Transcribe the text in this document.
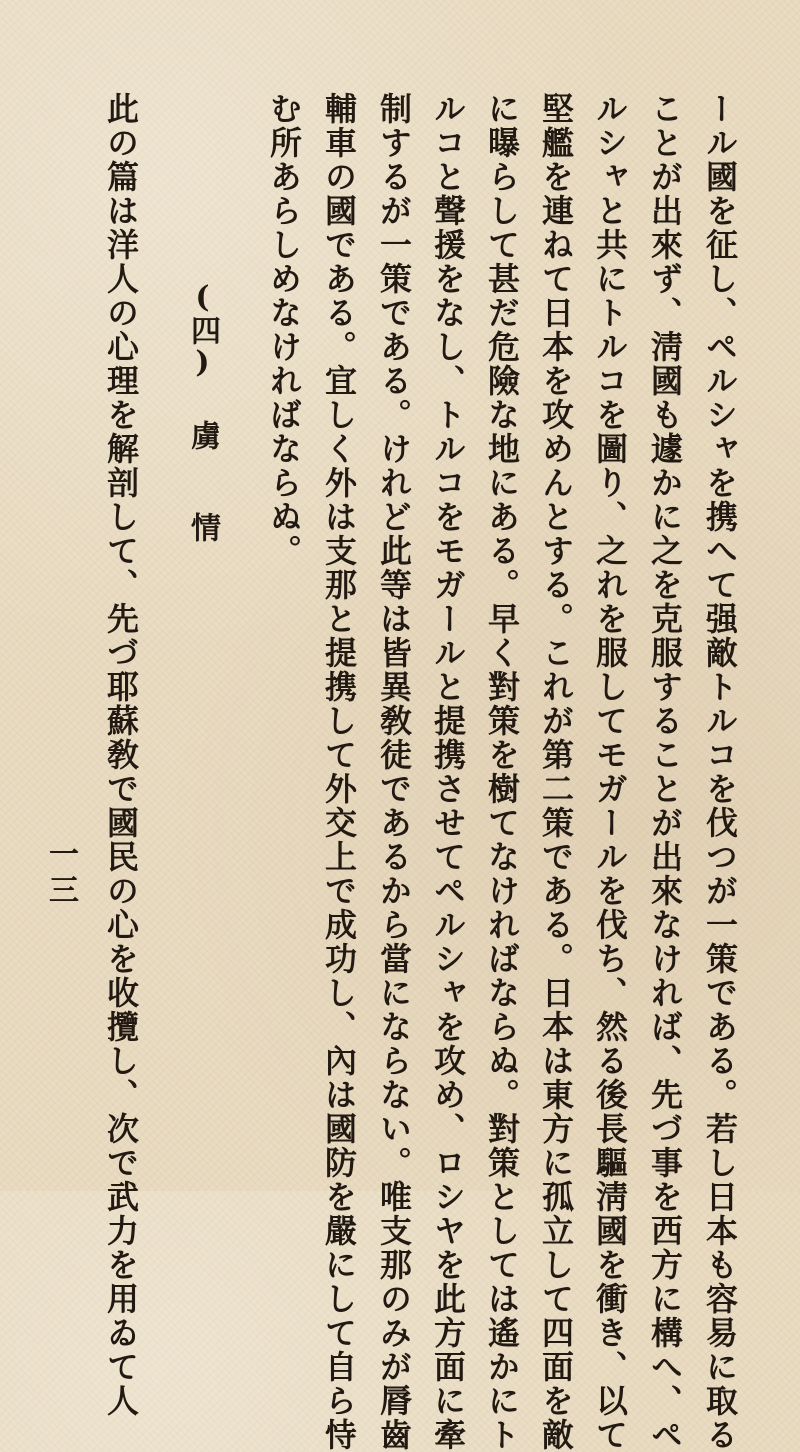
ール國を征し、ペルシャを携へて强敵トルコを伐つが一策である。若し日本も容易に取る
ことが出來ず、淸國も遽かに之を克服することが出來なければ、先づ事を西方に構へ、ペ
ルシャと共にトルコを圖り、之れを服してモガールを伐ち、然る後長驅淸國を衝き、以て
堅艦を連ねて日本を攻めんとする。これが第二策である。日本は東方に孤立して四面を敵
に曝らして甚だ危險な地にある。早く對策を樹てなければならぬ。對策としては遙かにト
ルコと聲援をなし、トルコをモガールと提携させてペルシャを攻め、ロシヤを此方面に牽
制するが一策である。けれど此等は皆異敎徒であるから當にならない。唯支那のみが脣齒
輔車の國である。宜しく外は支那と提携して外交上で成功し、內は國防を嚴にして自ら恃
む所あらしめなければならぬ。
(四)虜情
此の篇は洋人の心理を解剖して、先づ耶蘇敎で國民の心を收攬し、次で武力を用ゐて人
一三
